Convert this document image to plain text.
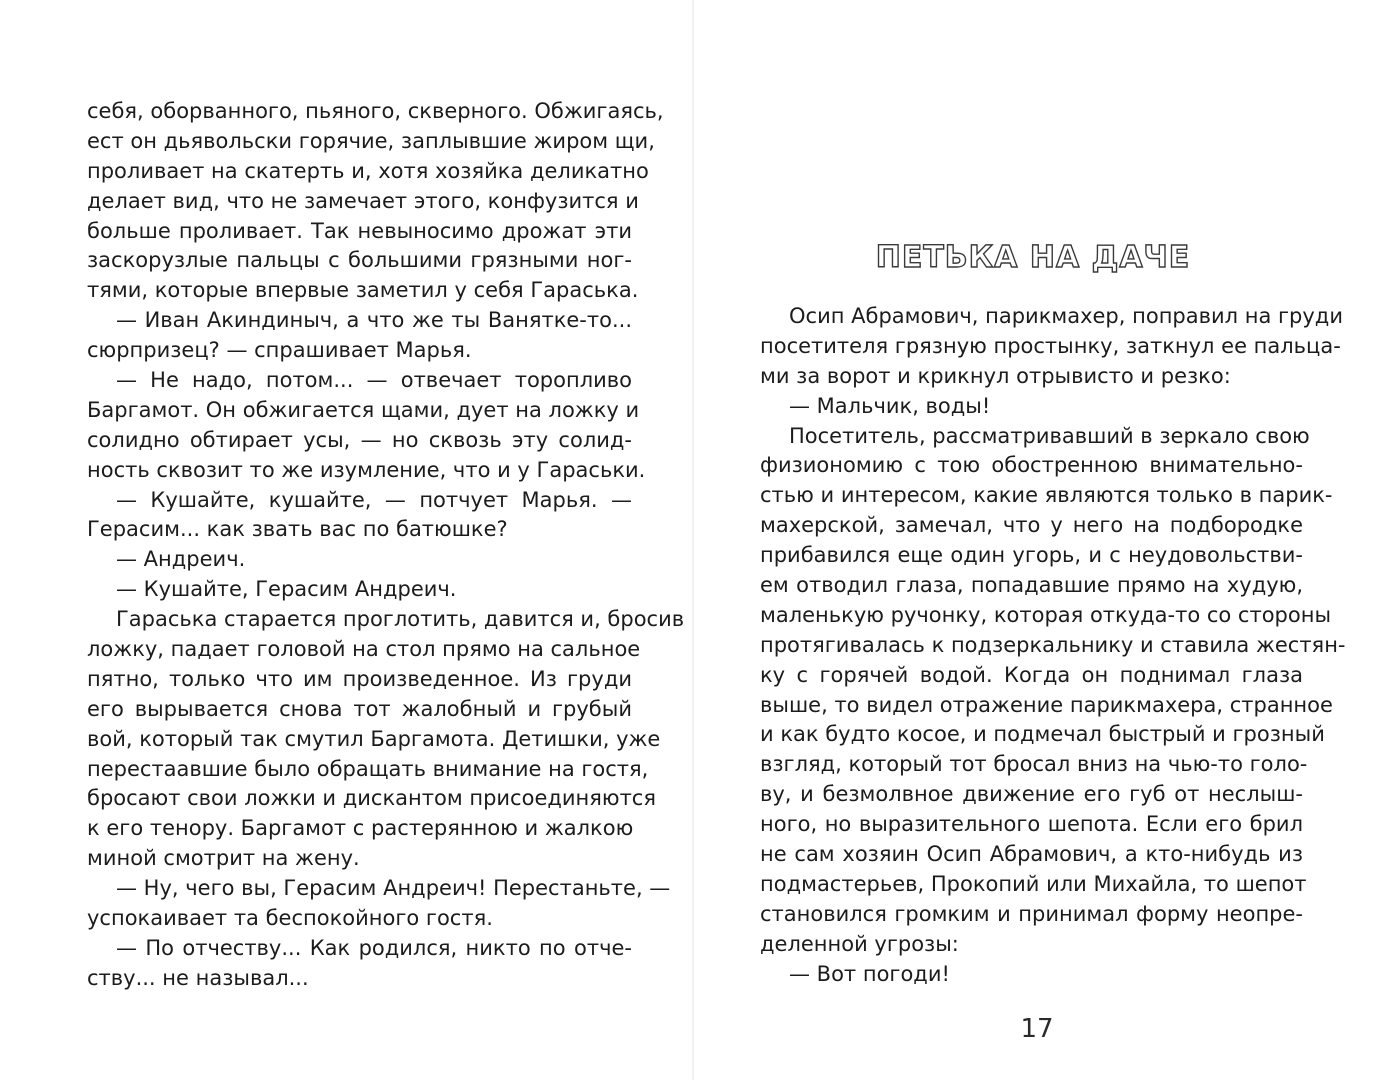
себя, оборванного, пьяного, скверного. Обжигаясь,
ест он дьявольски горячие, заплывшие жиром щи,
проливает на скатерть и, хотя хозяйка деликатно
делает вид, что не замечает этого, конфузится и
больше проливает. Так невыносимо дрожат эти
заскорузлые пальцы с большими грязными ног-
тями, которые впервые заметил у себя Гараська.
— Иван Акиндиныч, а что же ты Ванятке-то...
сюрпризец? — спрашивает Марья.
— Не надо, потом... — отвечает торопливо
Баргамот. Он обжигается щами, дует на ложку и
солидно обтирает усы, — но сквозь эту солид-
ность сквозит то же изумление, что и у Гараськи.
— Кушайте, кушайте, — потчует Марья. —
Герасим... как звать вас по батюшке?
— Андреич.
— Кушайте, Герасим Андреич.
Гараська старается проглотить, давится и, бросив
ложку, падает головой на стол прямо на сальное
пятно, только что им произведенное. Из груди
его вырывается снова тот жалобный и грубый
вой, который так смутил Баргамота. Детишки, уже
перестаавшие было обращать внимание на гостя,
бросают свои ложки и дискантом присоединяются
к его тенору. Баргамот с растерянною и жалкою
миной смотрит на жену.
— Ну, чего вы, Герасим Андреич! Перестаньте, —
успокаивает та беспокойного гостя.
— По отчеству... Как родился, никто по отче-
ству... не называл...
ПЕТЬКА НА ДАЧЕ
Осип Абрамович, парикмахер, поправил на груди
посетителя грязную простынку, заткнул ее пальца-
ми за ворот и крикнул отрывисто и резко:
— Мальчик, воды!
Посетитель, рассматривавший в зеркало свою
физиономию с тою обостренною внимательно-
стью и интересом, какие являются только в парик-
махерской, замечал, что у него на подбородке
прибавился еще один угорь, и с неудовольстви-
ем отводил глаза, попадавшие прямо на худую,
маленькую ручонку, которая откуда-то со стороны
протягивалась к подзеркальнику и ставила жестян-
ку с горячей водой. Когда он поднимал глаза
выше, то видел отражение парикмахера, странное
и как будто косое, и подмечал быстрый и грозный
взгляд, который тот бросал вниз на чью-то голо-
ву, и безмолвное движение его губ от неслыш-
ного, но выразительного шепота. Если его брил
не сам хозяин Осип Абрамович, а кто-нибудь из
подмастерьев, Прокопий или Михайла, то шепот
становился громким и принимал форму неопре-
деленной угрозы:
— Вот погоди!
17
